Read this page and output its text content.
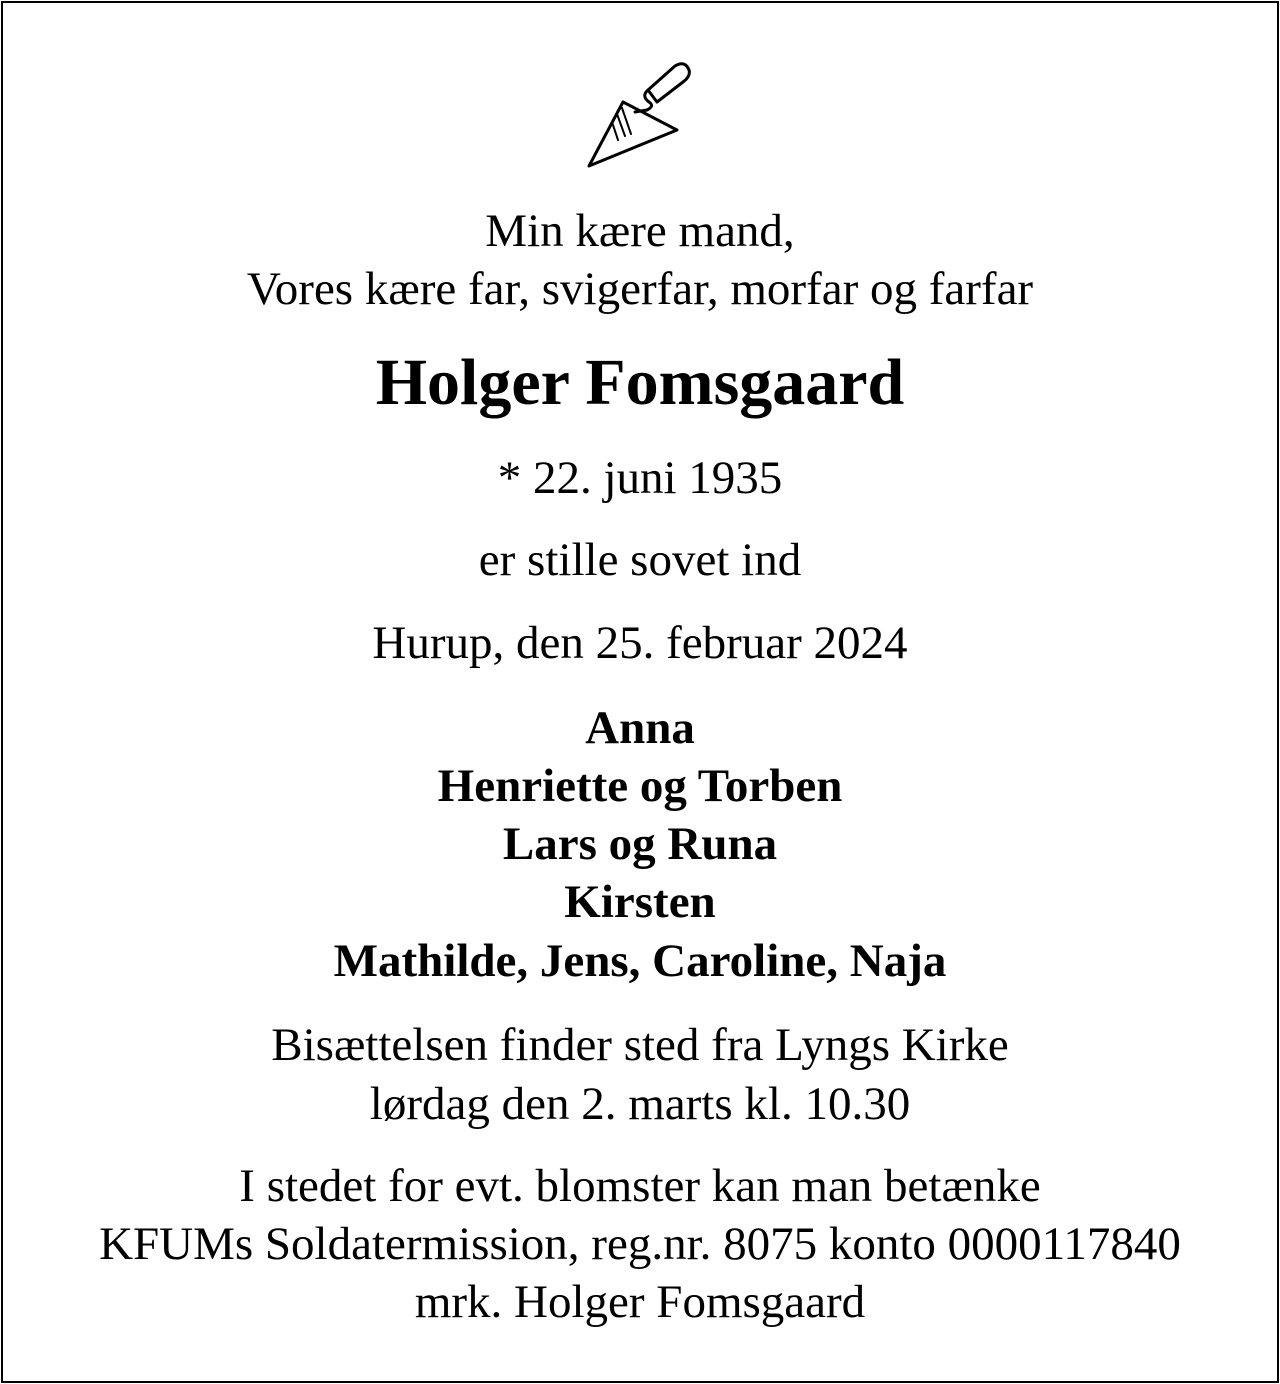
Min kære mand,
Vores kære far, svigerfar, morfar og farfar
Holger Fomsgaard
* 22. juni 1935
er stille sovet ind
Hurup, den 25. februar 2024
Anna
Henriette og Torben
Lars og Runa
Kirsten
Mathilde, Jens, Caroline, Naja
Bisættelsen finder sted fra Lyngs Kirke
lørdag den 2. marts kl. 10.30
I stedet for evt. blomster kan man betænke
KFUMs Soldatermission, reg.nr. 8075 konto 0000117840
mrk. Holger Fomsgaard
